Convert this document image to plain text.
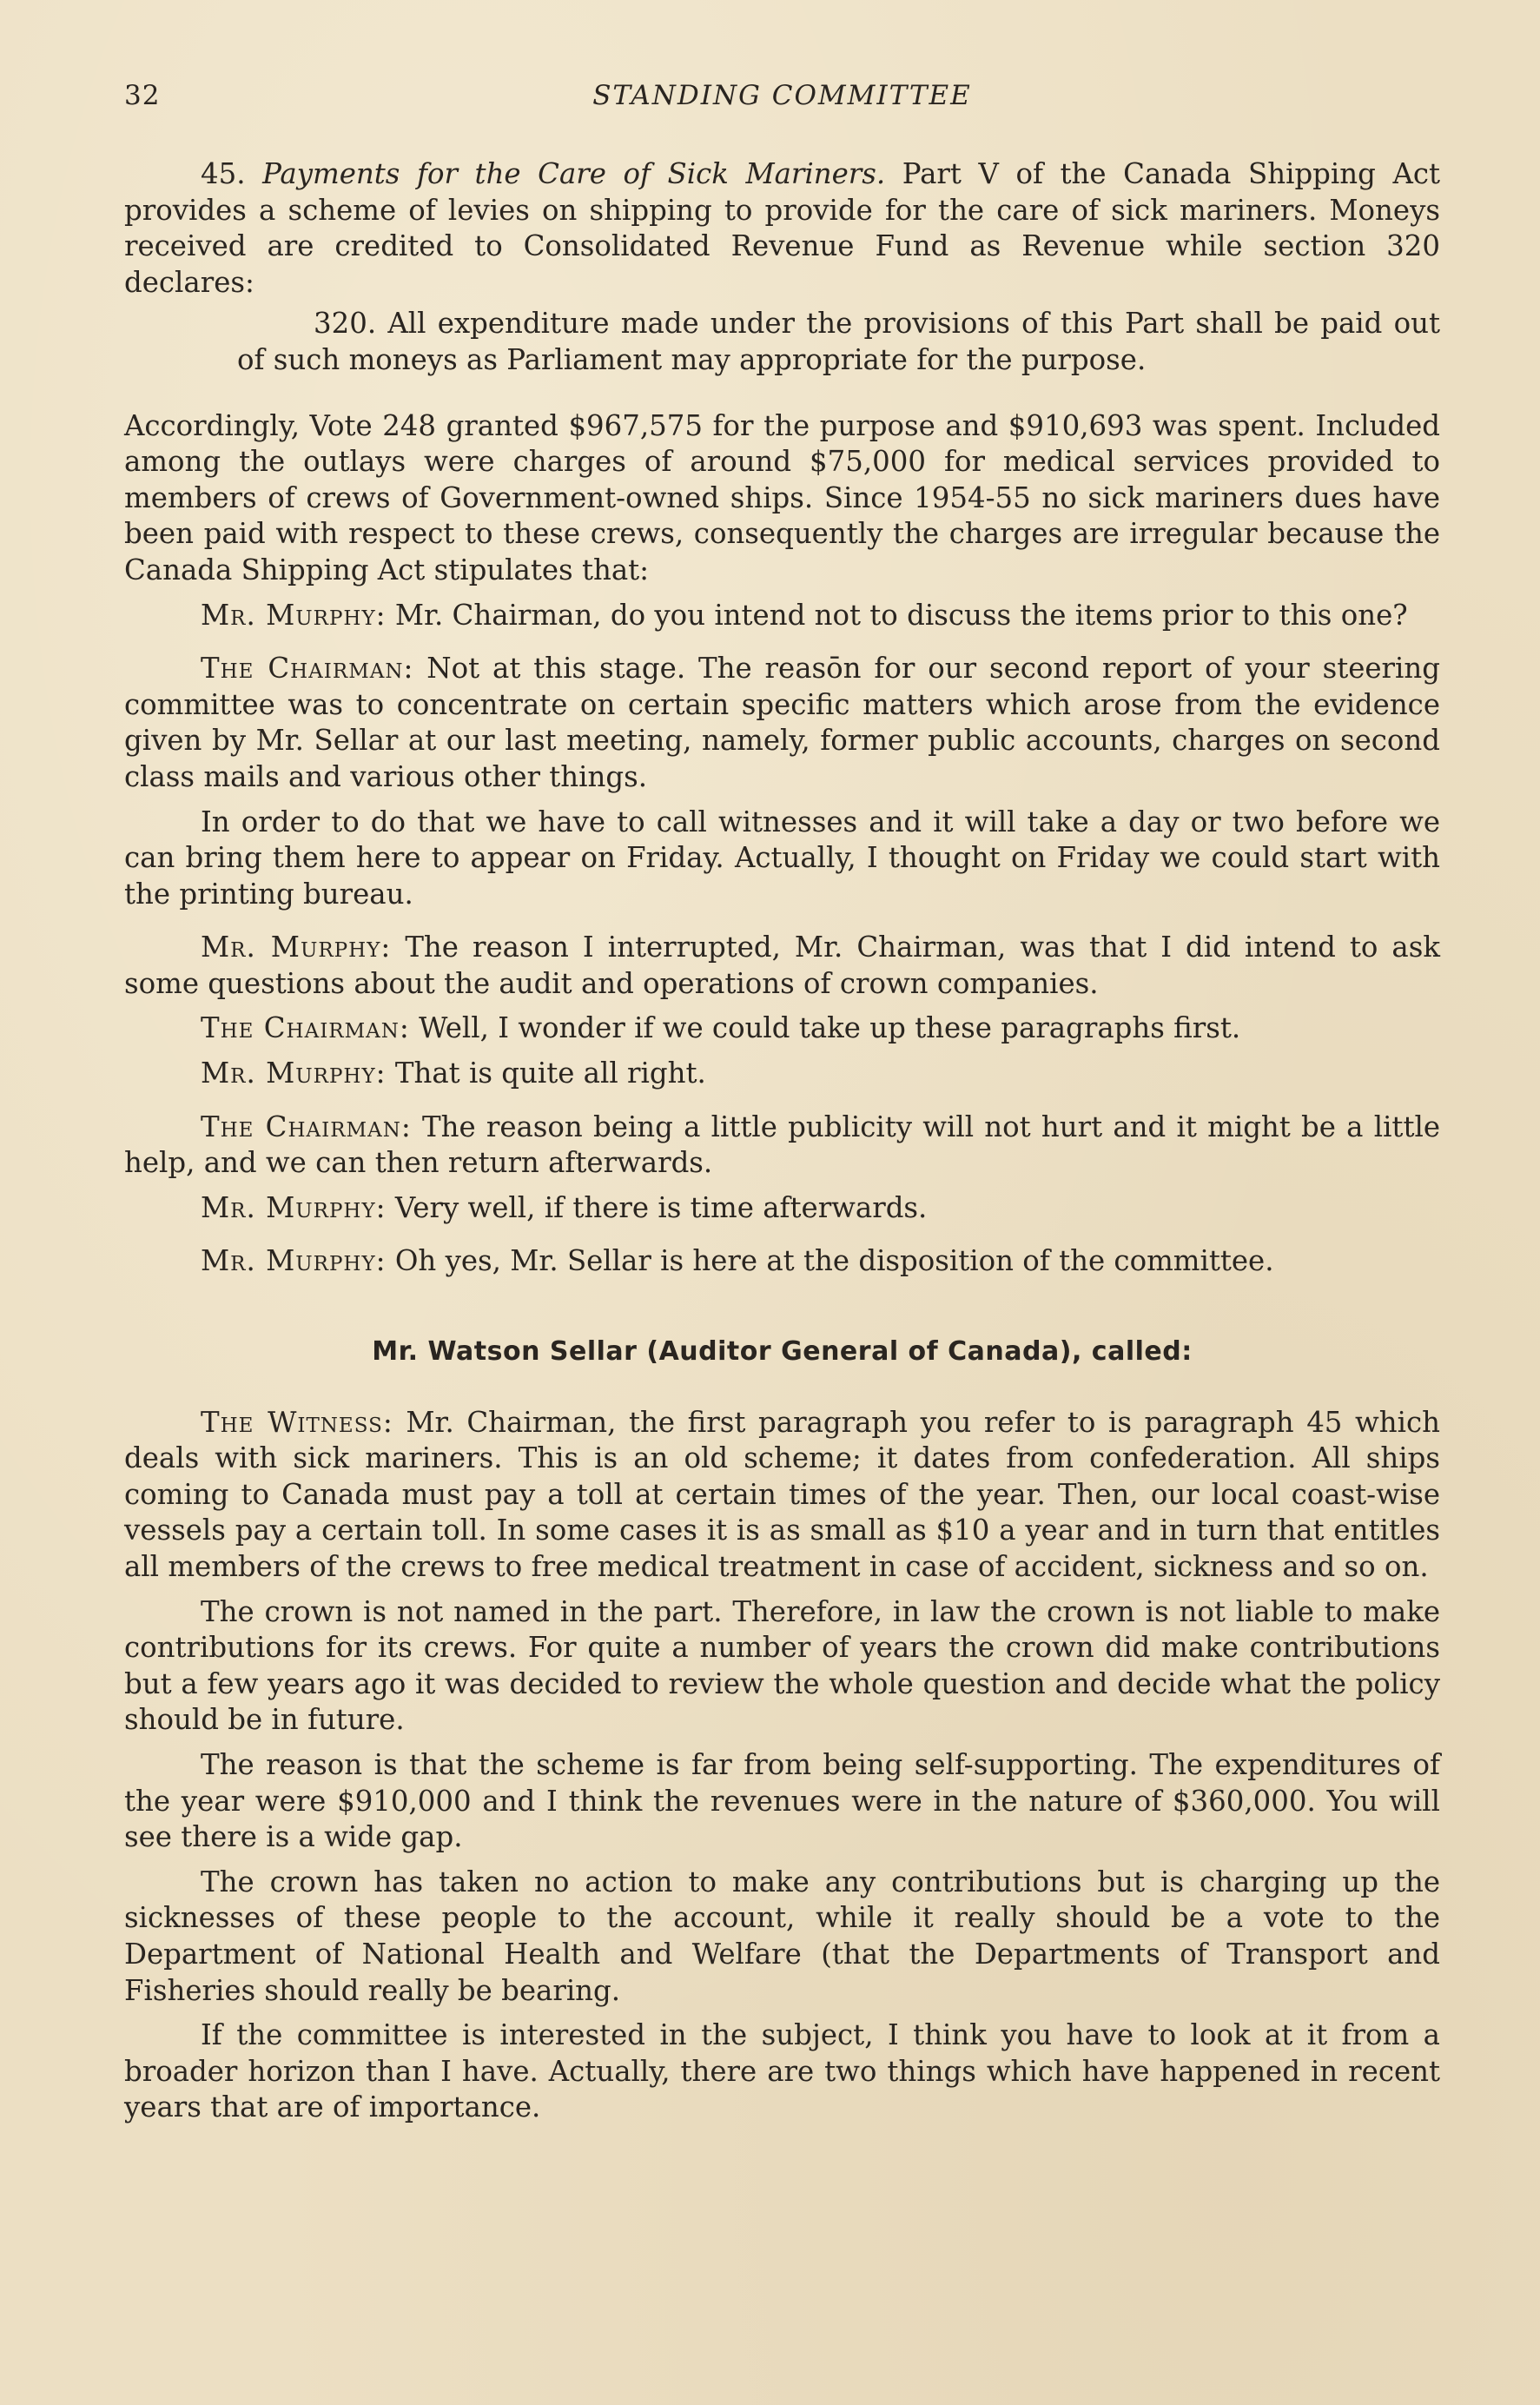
32	STANDING COMMITTEE

45. Payments for the Care of Sick Mariners. Part V of the Canada Shipping Act provides a scheme of levies on shipping to provide for the care of sick mariners. Moneys received are credited to Consolidated Revenue Fund as Revenue while section 320 declares:

320. All expenditure made under the provisions of this Part shall be paid out of such moneys as Parliament may appropriate for the purpose.

Accordingly, Vote 248 granted $967,575 for the purpose and $910,693 was spent. Included among the outlays were charges of around $75,000 for medical services provided to members of crews of Government-owned ships. Since 1954-55 no sick mariners dues have been paid with respect to these crews, consequently the charges are irregular because the Canada Shipping Act stipulates that:

Mr. Murphy: Mr. Chairman, do you intend not to discuss the items prior to this one?

The Chairman: Not at this stage. The reasōn for our second report of your steering committee was to concentrate on certain specific matters which arose from the evidence given by Mr. Sellar at our last meeting, namely, former public accounts, charges on second class mails and various other things.

In order to do that we have to call witnesses and it will take a day or two before we can bring them here to appear on Friday. Actually, I thought on Friday we could start with the printing bureau.

Mr. Murphy: The reason I interrupted, Mr. Chairman, was that I did intend to ask some questions about the audit and operations of crown companies.

The Chairman: Well, I wonder if we could take up these paragraphs first.

Mr. Murphy: That is quite all right.

The Chairman: The reason being a little publicity will not hurt and it might be a little help, and we can then return afterwards.

Mr. Murphy: Very well, if there is time afterwards.

Mr. Murphy: Oh yes, Mr. Sellar is here at the disposition of the committee.

Mr. Watson Sellar (Auditor General of Canada), called:

The Witness: Mr. Chairman, the first paragraph you refer to is paragraph 45 which deals with sick mariners. This is an old scheme; it dates from confederation. All ships coming to Canada must pay a toll at certain times of the year. Then, our local coast-wise vessels pay a certain toll. In some cases it is as small as $10 a year and in turn that entitles all members of the crews to free medical treatment in case of accident, sickness and so on.

The crown is not named in the part. Therefore, in law the crown is not liable to make contributions for its crews. For quite a number of years the crown did make contributions but a few years ago it was decided to review the whole question and decide what the policy should be in future.

The reason is that the scheme is far from being self-supporting. The expenditures of the year were $910,000 and I think the revenues were in the nature of $360,000. You will see there is a wide gap.

The crown has taken no action to make any contributions but is charging up the sicknesses of these people to the account, while it really should be a vote to the Department of National Health and Welfare (that the Departments of Transport and Fisheries should really be bearing.

If the committee is interested in the subject, I think you have to look at it from a broader horizon than I have. Actually, there are two things which have happened in recent years that are of importance.
